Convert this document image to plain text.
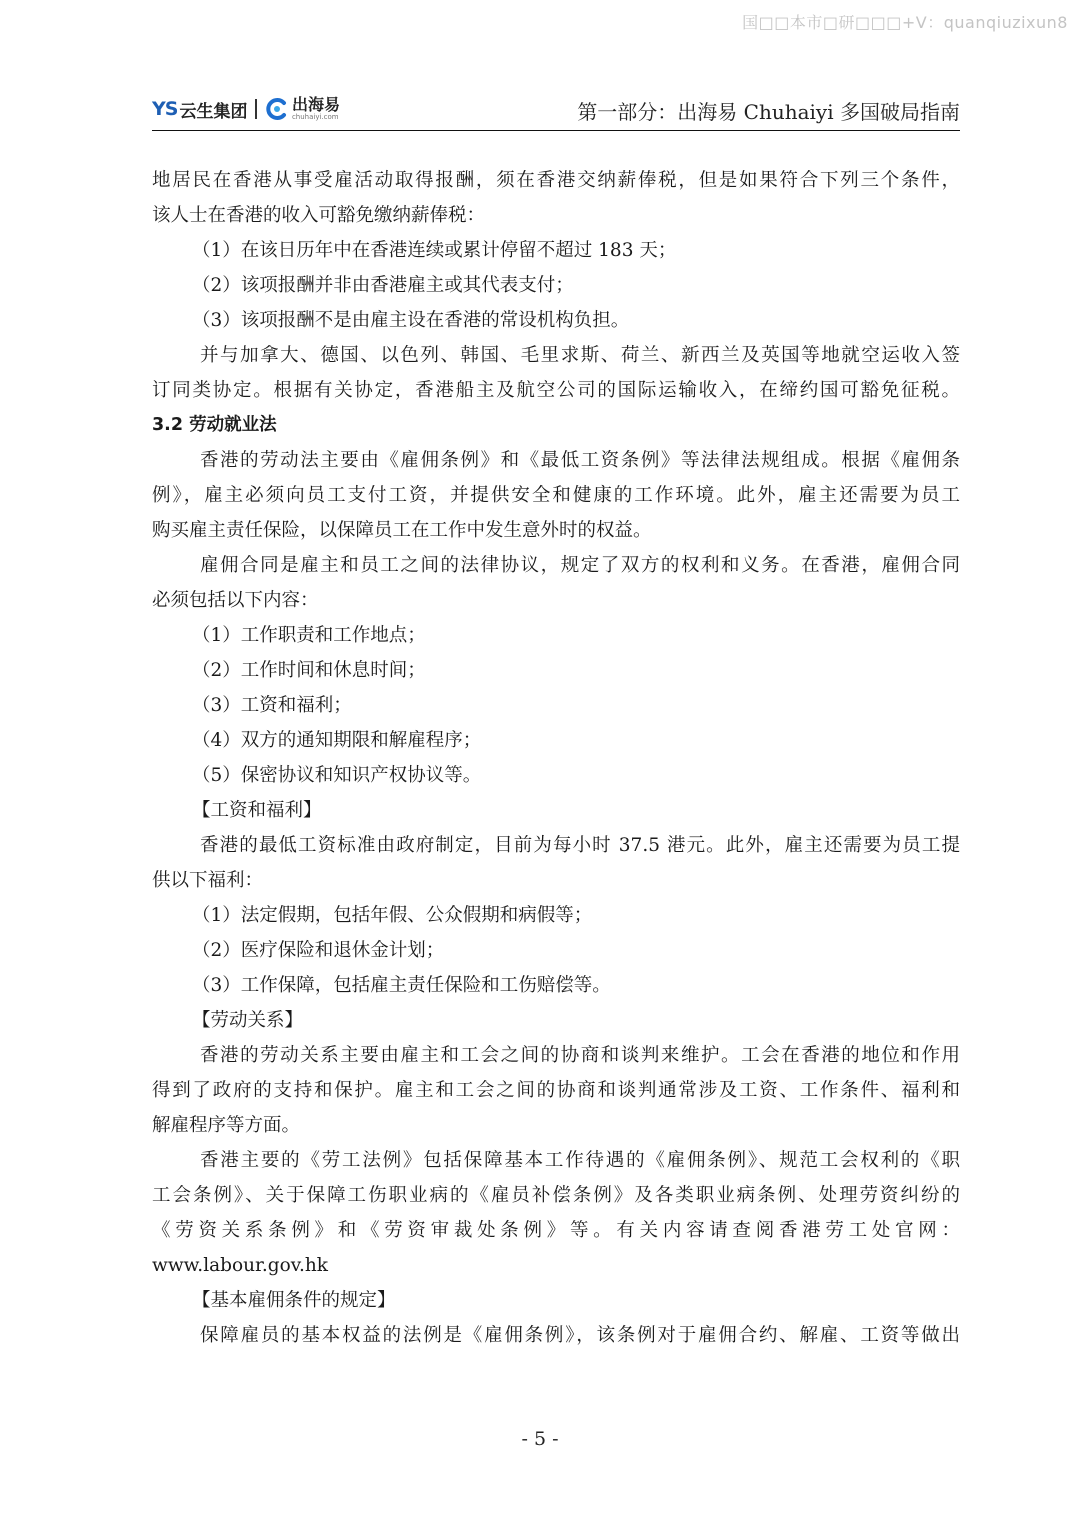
国□□本市□研□□□+V：quanqiuzixun8
YS 云生集团	出海易
chuhaiyi.com	第一部分：出海易 Chuhaiyi 多国破局指南
地居民在香港从事受雇活动取得报酬，须在香港交纳薪俸税，但是如果符合下列三个条件，
该人士在香港的收入可豁免缴纳薪俸税：
（1）在该日历年中在香港连续或累计停留不超过 183 天；
（2）该项报酬并非由香港雇主或其代表支付；
（3）该项报酬不是由雇主设在香港的常设机构负担。
并与加拿大、德国、以色列、韩国、毛里求斯、荷兰、新西兰及英国等地就空运收入签
订同类协定。根据有关协定，香港船主及航空公司的国际运输收入，在缔约国可豁免征税。
3.2 劳动就业法
香港的劳动法主要由《雇佣条例》和《最低工资条例》等法律法规组成。根据《雇佣条
例》，雇主必须向员工支付工资，并提供安全和健康的工作环境。此外，雇主还需要为员工
购买雇主责任保险，以保障员工在工作中发生意外时的权益。
雇佣合同是雇主和员工之间的法律协议，规定了双方的权利和义务。在香港，雇佣合同
必须包括以下内容：
（1）工作职责和工作地点；
（2）工作时间和休息时间；
（3）工资和福利；
（4）双方的通知期限和解雇程序；
（5）保密协议和知识产权协议等。
【工资和福利】
香港的最低工资标准由政府制定，目前为每小时 37.5 港元。此外，雇主还需要为员工提
供以下福利：
（1）法定假期，包括年假、公众假期和病假等；
（2）医疗保险和退休金计划；
（3）工作保障，包括雇主责任保险和工伤赔偿等。
【劳动关系】
香港的劳动关系主要由雇主和工会之间的协商和谈判来维护。工会在香港的地位和作用
得到了政府的支持和保护。雇主和工会之间的协商和谈判通常涉及工资、工作条件、福利和
解雇程序等方面。
香港主要的《劳工法例》包括保障基本工作待遇的《雇佣条例》、规范工会权利的《职
工会条例》、关于保障工伤职业病的《雇员补偿条例》及各类职业病条例、处理劳资纠纷的
《劳资关系条例》和《劳资审裁处条例》等。有关内容请查阅香港劳工处官网：
www.labour.gov.hk
【基本雇佣条件的规定】
保障雇员的基本权益的法例是《雇佣条例》，该条例对于雇佣合约、解雇、工资等做出
- 5 -
